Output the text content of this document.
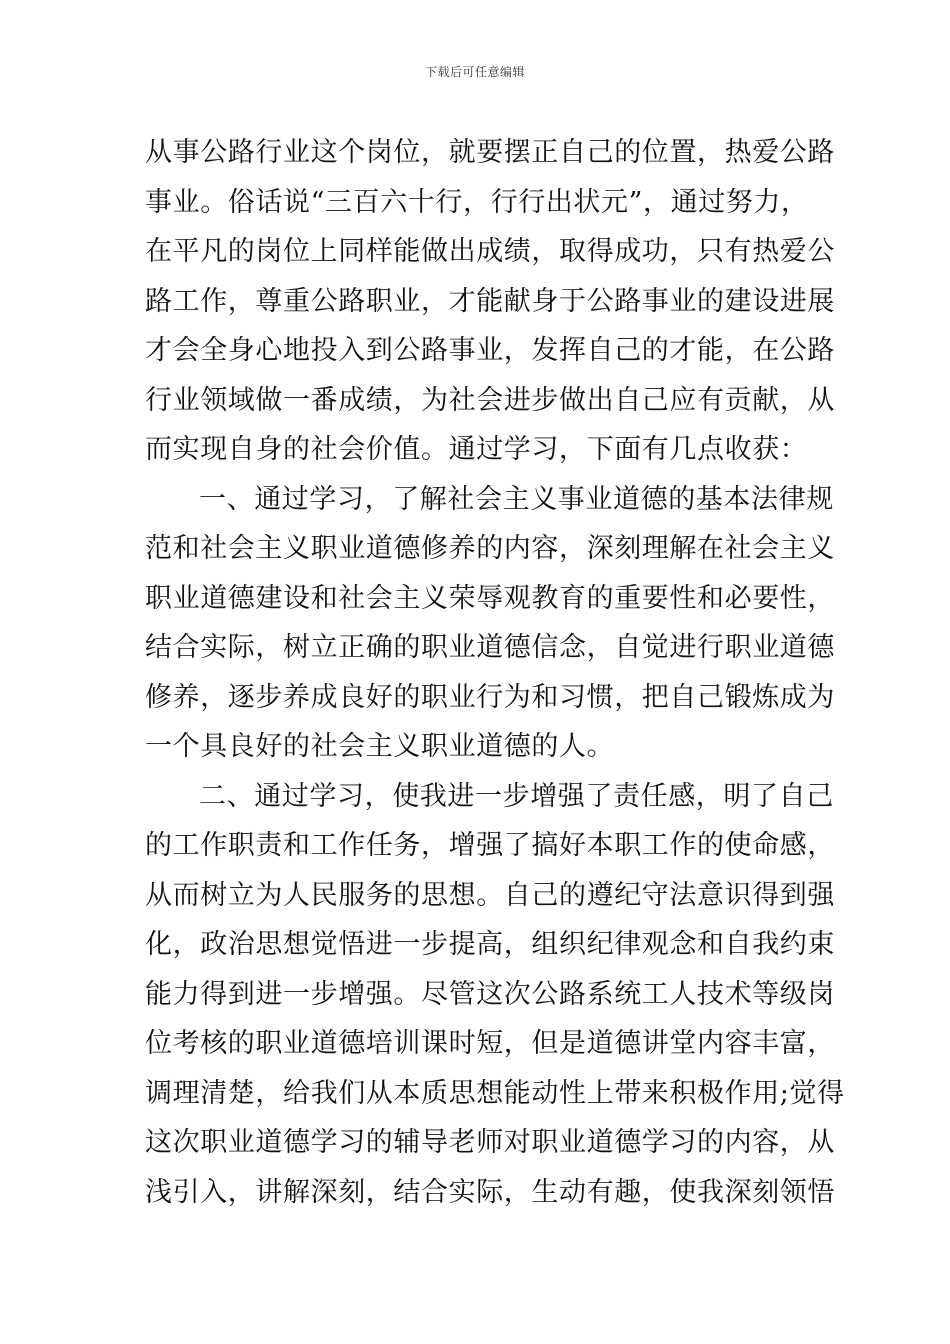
下载后可任意编辑
从事公路行业这个岗位，就要摆正自己的位置，热爱公路
事业。俗话说“三百六十行，行行出状元”，通过努力，
在平凡的岗位上同样能做出成绩，取得成功，只有热爱公
路工作，尊重公路职业，才能献身于公路事业的建设进展
才会全身心地投入到公路事业，发挥自己的才能，在公路
行业领域做一番成绩，为社会进步做出自己应有贡献，从
而实现自身的社会价值。通过学习，下面有几点收获：
一、通过学习，了解社会主义事业道德的基本法律规
范和社会主义职业道德修养的内容，深刻理解在社会主义
职业道德建设和社会主义荣辱观教育的重要性和必要性，
结合实际，树立正确的职业道德信念，自觉进行职业道德
修养，逐步养成良好的职业行为和习惯，把自己锻炼成为
一个具良好的社会主义职业道德的人。
二、通过学习，使我进一步增强了责任感，明了自己
的工作职责和工作任务，增强了搞好本职工作的使命感，
从而树立为人民服务的思想。自己的遵纪守法意识得到强
化，政治思想觉悟进一步提高，组织纪律观念和自我约束
能力得到进一步增强。尽管这次公路系统工人技术等级岗
位考核的职业道德培训课时短，但是道德讲堂内容丰富，
调理清楚，给我们从本质思想能动性上带来积极作用;觉得
这次职业道德学习的辅导老师对职业道德学习的内容，从
浅引入，讲解深刻，结合实际，生动有趣，使我深刻领悟
